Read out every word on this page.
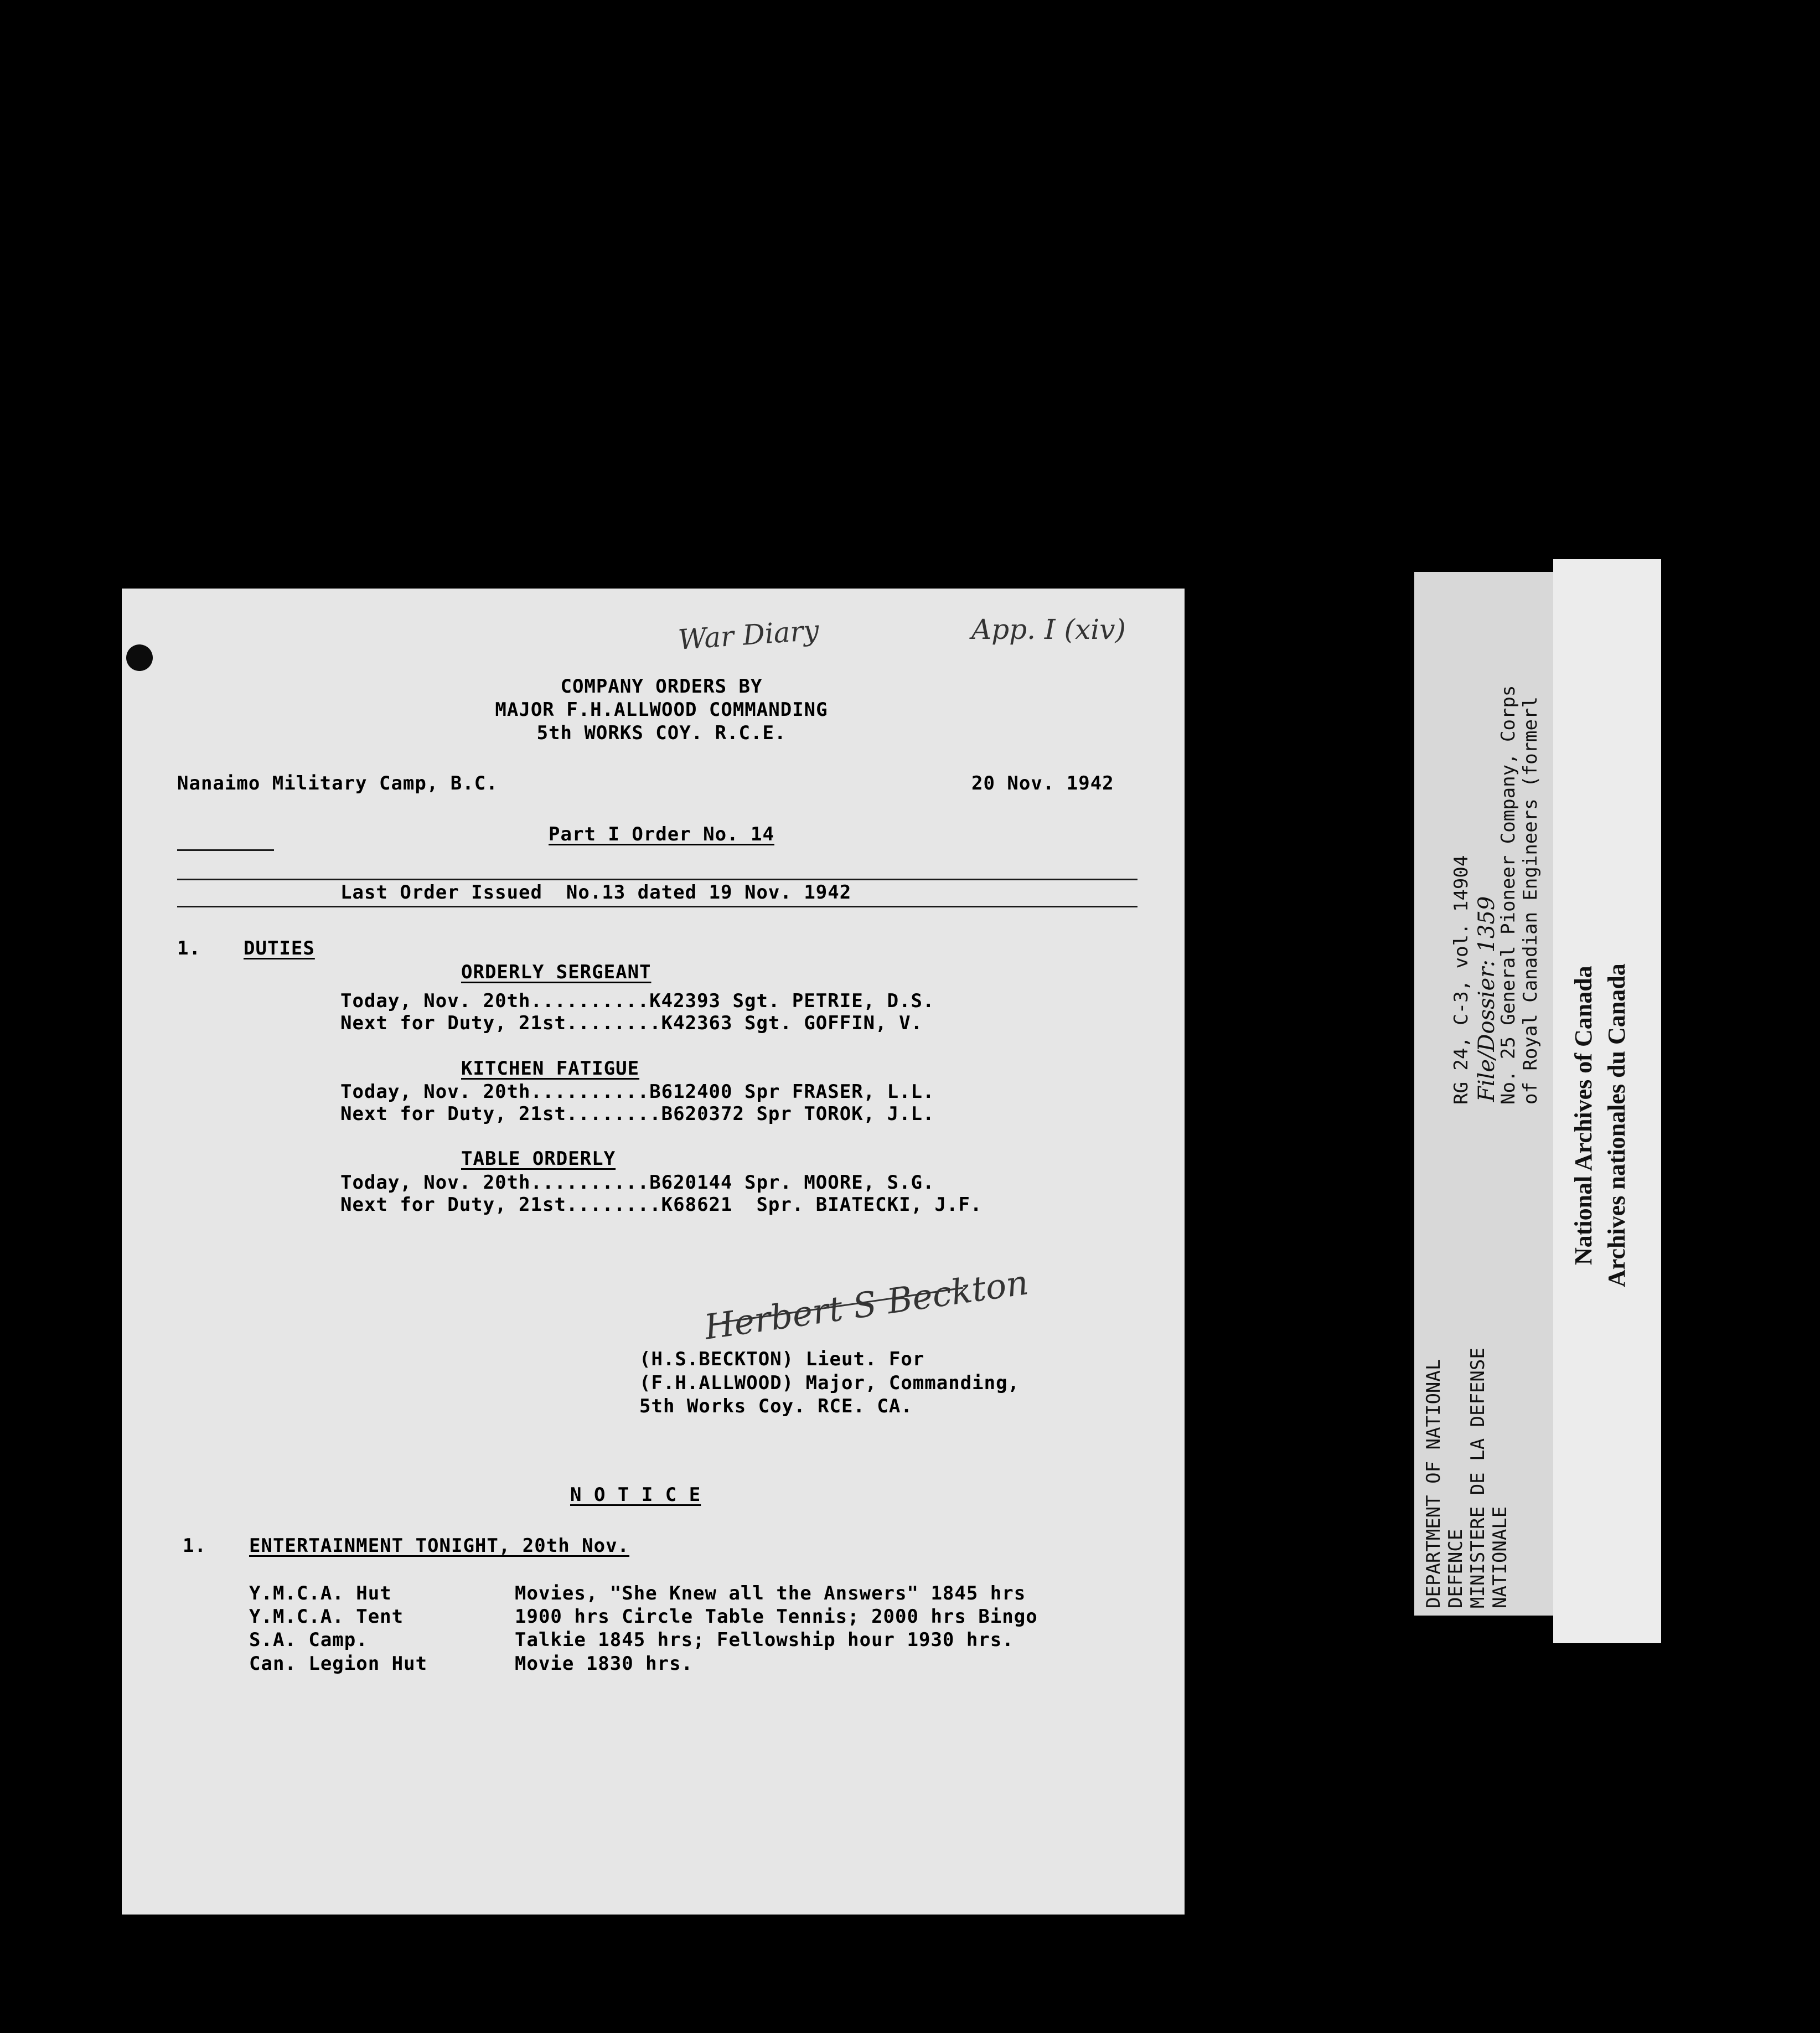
War Diary	App. I (xiv)
COMPANY ORDERS BY
MAJOR F.H.ALLWOOD COMMANDING
5th WORKS COY. R.C.E.
Nanaimo Military Camp, B.C.	20 Nov. 1942
Part I Order No. 14
Last Order Issued  No.13 dated 19 Nov. 1942
1. DUTIES
ORDERLY SERGEANT
Today, Nov. 20th..........K42393 Sgt. PETRIE, D.S.
Next for Duty, 21st........K42363 Sgt. GOFFIN, V.
KITCHEN FATIGUE
Today, Nov. 20th..........B612400 Spr FRASER, L.L.
Next for Duty, 21st........B620372 Spr TOROK, J.L.
TABLE ORDERLY
Today, Nov. 20th..........B620144 Spr. MOORE, S.G.
Next for Duty, 21st........K68621  Spr. BIATECKI, J.F.
Herbert S Beckton
(H.S.BECKTON) Lieut. For
(F.H.ALLWOOD) Major, Commanding,
5th Works Coy. RCE. CA.
N O T I C E
1. ENTERTAINMENT TONIGHT, 20th Nov.
Y.M.C.A. Hut	Movies, "She Knew all the Answers" 1845 hrs
Y.M.C.A. Tent	1900 hrs Circle Table Tennis; 2000 hrs Bingo
S.A. Camp.	Talkie 1845 hrs; Fellowship hour 1930 hrs.
Can. Legion Hut	Movie 1830 hrs.
RG 24, C-3, vol. 14904 File/Dossier: 1359
No. 25 General Pioneer Company, Corps of Royal Canadian Engineers (formerl
DEPARTMENT OF NATIONAL DEFENCE MINISTERE DE LA DEFENSE NATIONALE
National Archives of Canada Archives nationales du Canada
